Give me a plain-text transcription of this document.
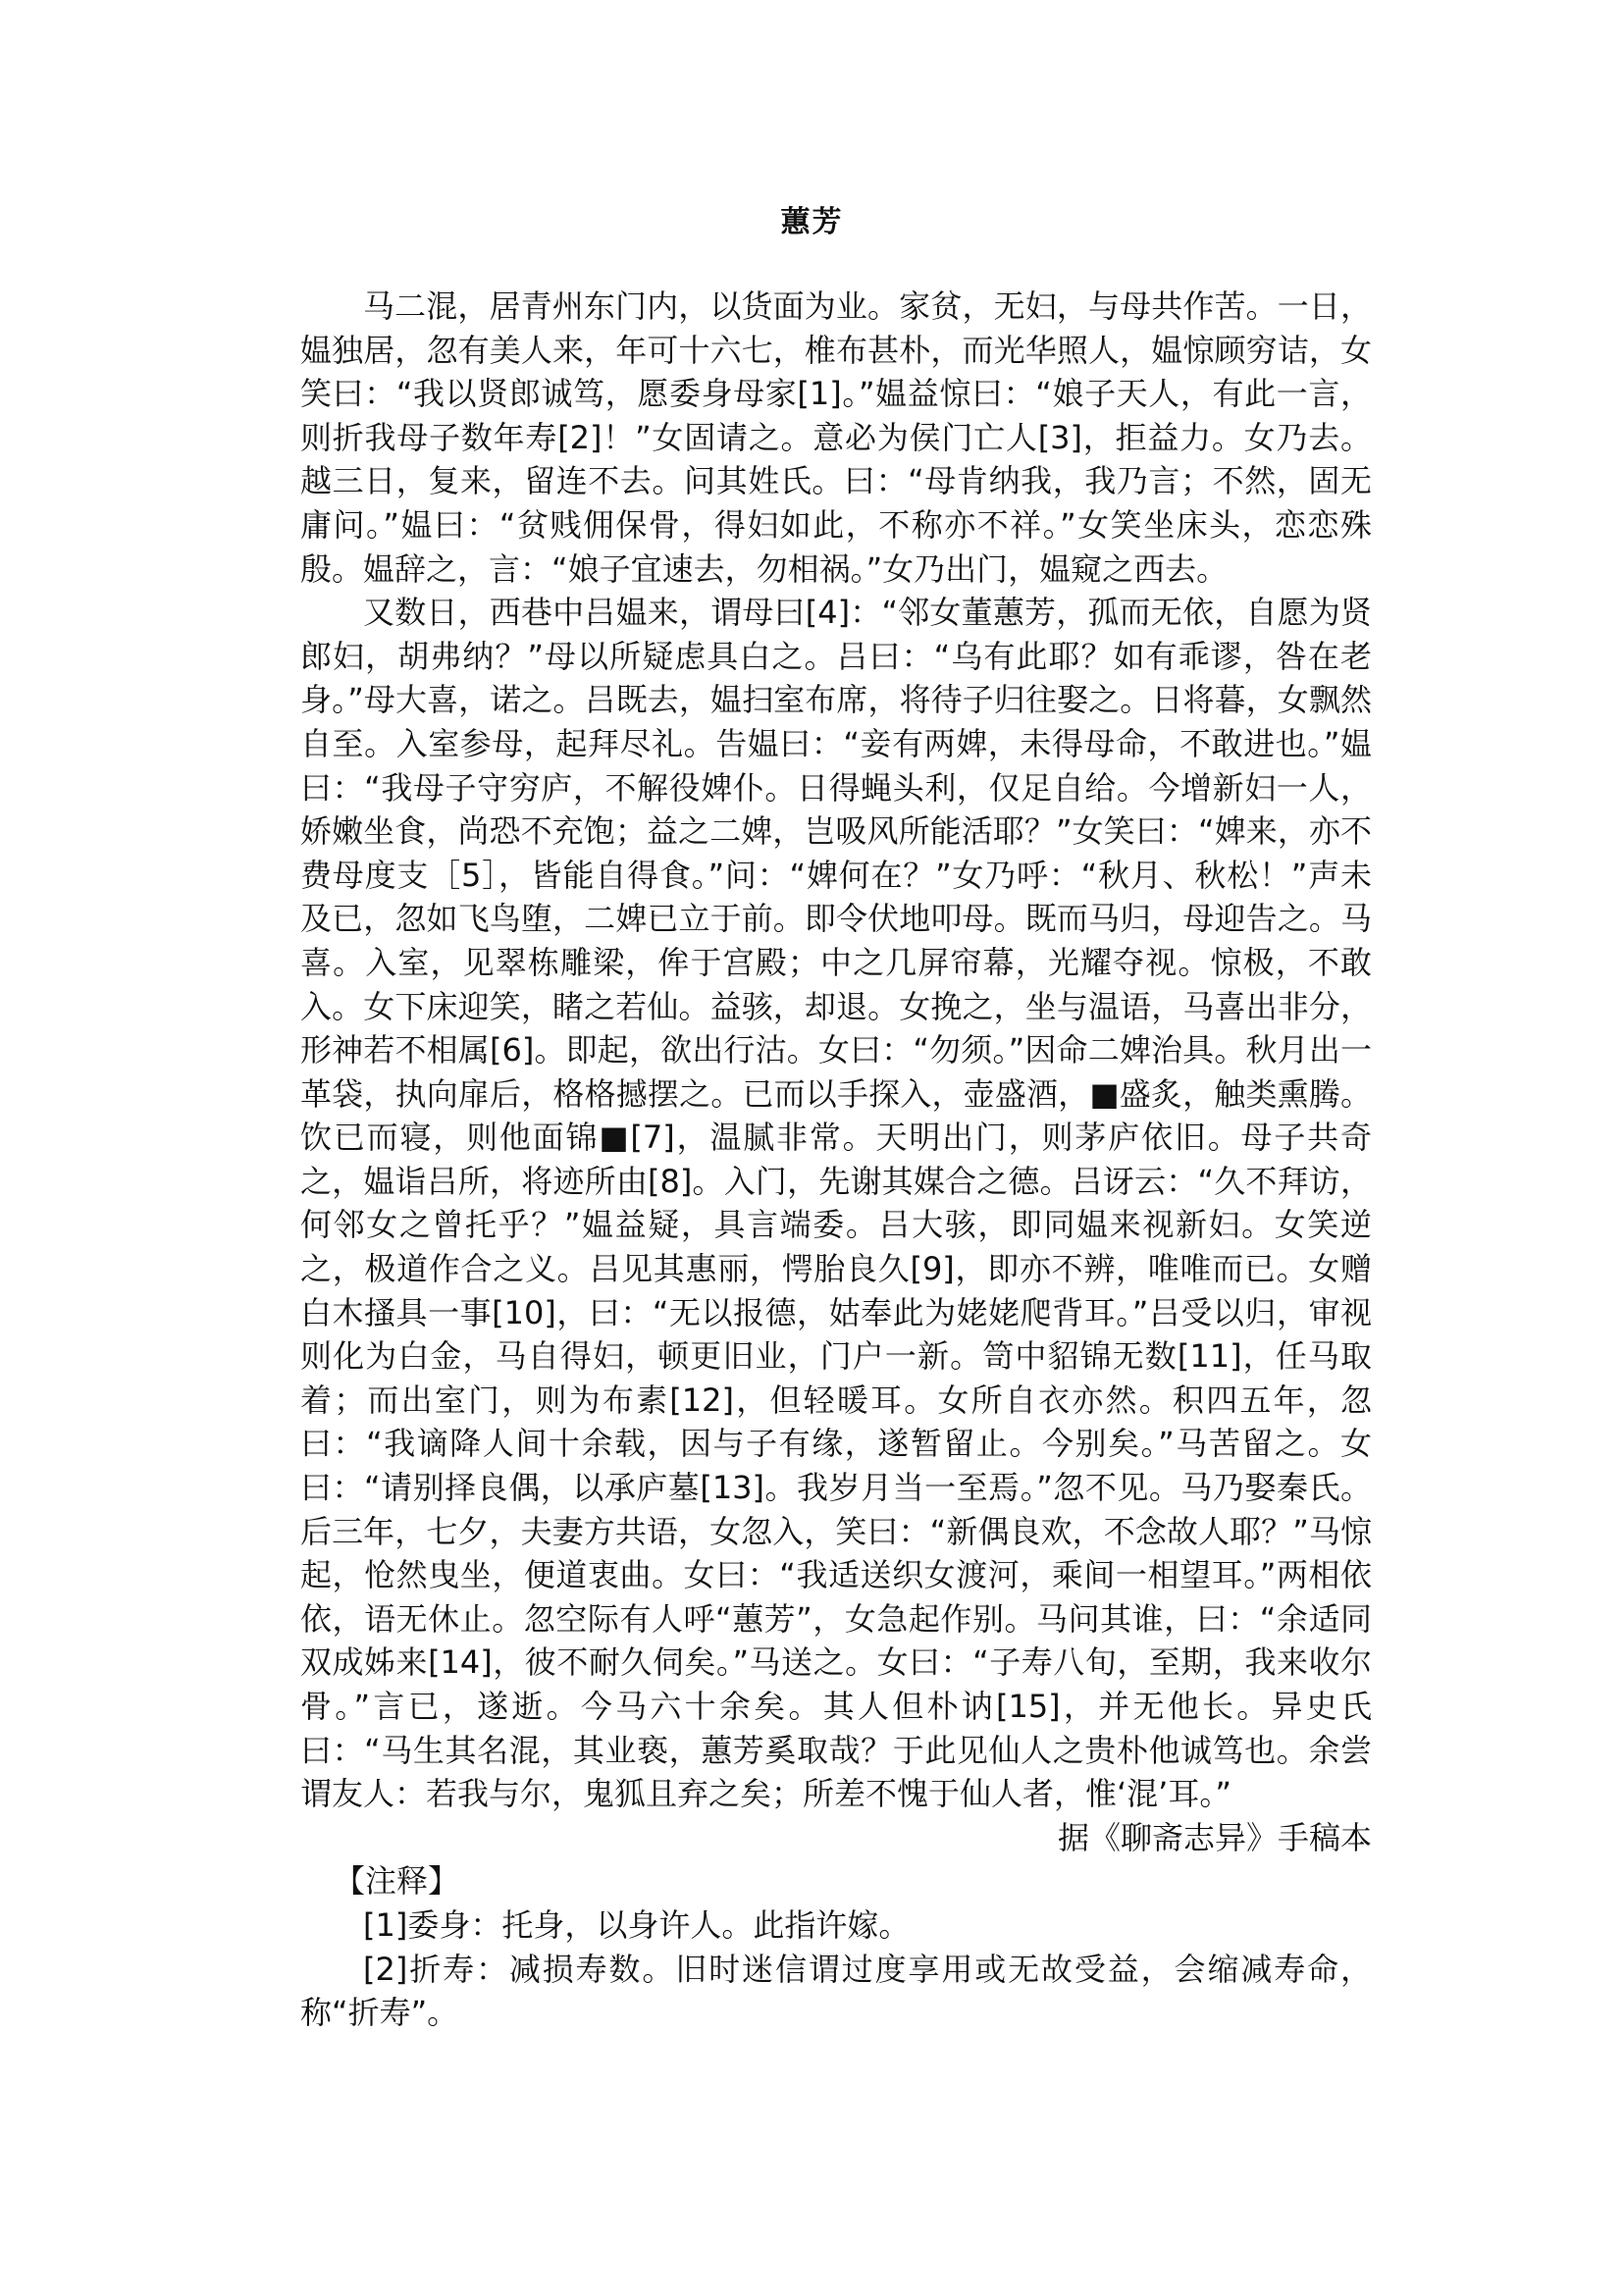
蕙芳

马二混，居青州东门内，以货面为业。家贫，无妇，与母共作苦。一日，媪独居，忽有美人来，年可十六七，椎布甚朴，而光华照人，媪惊顾穷诘，女笑曰：“我以贤郎诚笃，愿委身母家[1]。”媪益惊曰：“娘子天人，有此一言，则折我母子数年寿[2]！”女固请之。意必为侯门亡人[3]，拒益力。女乃去。越三日，复来，留连不去。问其姓氏。曰：“母肯纳我，我乃言；不然，固无庸问。”媪曰：“贫贱佣保骨，得妇如此，不称亦不祥。”女笑坐床头，恋恋殊殷。媪辞之，言：“娘子宜速去，勿相祸。”女乃出门，媪窥之西去。

又数日，西巷中吕媪来，谓母曰[4]：“邻女董蕙芳，孤而无依，自愿为贤郎妇，胡弗纳？”母以所疑虑具白之。吕曰：“乌有此耶？如有乖谬，咎在老身。”母大喜，诺之。吕既去，媪扫室布席，将待子归往娶之。日将暮，女飘然自至。入室参母，起拜尽礼。告媪曰：“妾有两婢，未得母命，不敢进也。”媪曰：“我母子守穷庐，不解役婢仆。日得蝇头利，仅足自给。今增新妇一人，娇嫩坐食，尚恐不充饱；益之二婢，岂吸风所能活耶？”女笑曰：“婢来，亦不费母度支［5］，皆能自得食。”问：“婢何在？”女乃呼：“秋月、秋松！”声未及已，忽如飞鸟堕，二婢已立于前。即令伏地叩母。既而马归，母迎告之。马喜。入室，见翠栋雕梁，侔于宫殿；中之几屏帘幕，光耀夺视。惊极，不敢入。女下床迎笑，睹之若仙。益骇，却退。女挽之，坐与温语，马喜出非分，形神若不相属[6]。即起，欲出行沽。女曰：“勿须。”因命二婢治具。秋月出一革袋，执向扉后，格格撼摆之。已而以手探入，壶盛酒，■盛炙，触类熏腾。饮已而寝，则他面锦■[7]，温腻非常。天明出门，则茅庐依旧。母子共奇之，媪诣吕所，将迹所由[8]。入门，先谢其媒合之德。吕讶云：“久不拜访，何邻女之曾托乎？”媪益疑，具言端委。吕大骇，即同媪来视新妇。女笑逆之，极道作合之义。吕见其惠丽，愕胎良久[9]，即亦不辨，唯唯而已。女赠白木搔具一事[10]，曰：“无以报德，姑奉此为姥姥爬背耳。”吕受以归，审视则化为白金，马自得妇，顿更旧业，门户一新。笥中貂锦无数[11]，任马取着；而出室门，则为布素[12]，但轻暖耳。女所自衣亦然。积四五年，忽曰：“我谪降人间十余载，因与子有缘，遂暂留止。今别矣。”马苦留之。女曰：“请别择良偶，以承庐墓[13]。我岁月当一至焉。”忽不见。马乃娶秦氏。后三年，七夕，夫妻方共语，女忽入，笑曰：“新偶良欢，不念故人耶？”马惊起，怆然曳坐，便道衷曲。女曰：“我适送织女渡河，乘间一相望耳。”两相依依，语无休止。忽空际有人呼“蕙芳”，女急起作别。马问其谁，曰：“余适同双成姊来[14]，彼不耐久伺矣。”马送之。女曰：“子寿八旬，至期，我来收尔骨。”言已，遂逝。今马六十余矣。其人但朴讷[15]，并无他长。异史氏曰：“马生其名混，其业亵，蕙芳奚取哉？于此见仙人之贵朴他诚笃也。余尝谓友人：若我与尔，鬼狐且弃之矣；所差不愧于仙人者，惟‘混’耳。”

据《聊斋志异》手稿本

【注释】

[1]委身：托身，以身许人。此指许嫁。

[2]折寿：减损寿数。旧时迷信谓过度享用或无故受益，会缩减寿命，称“折寿”。
